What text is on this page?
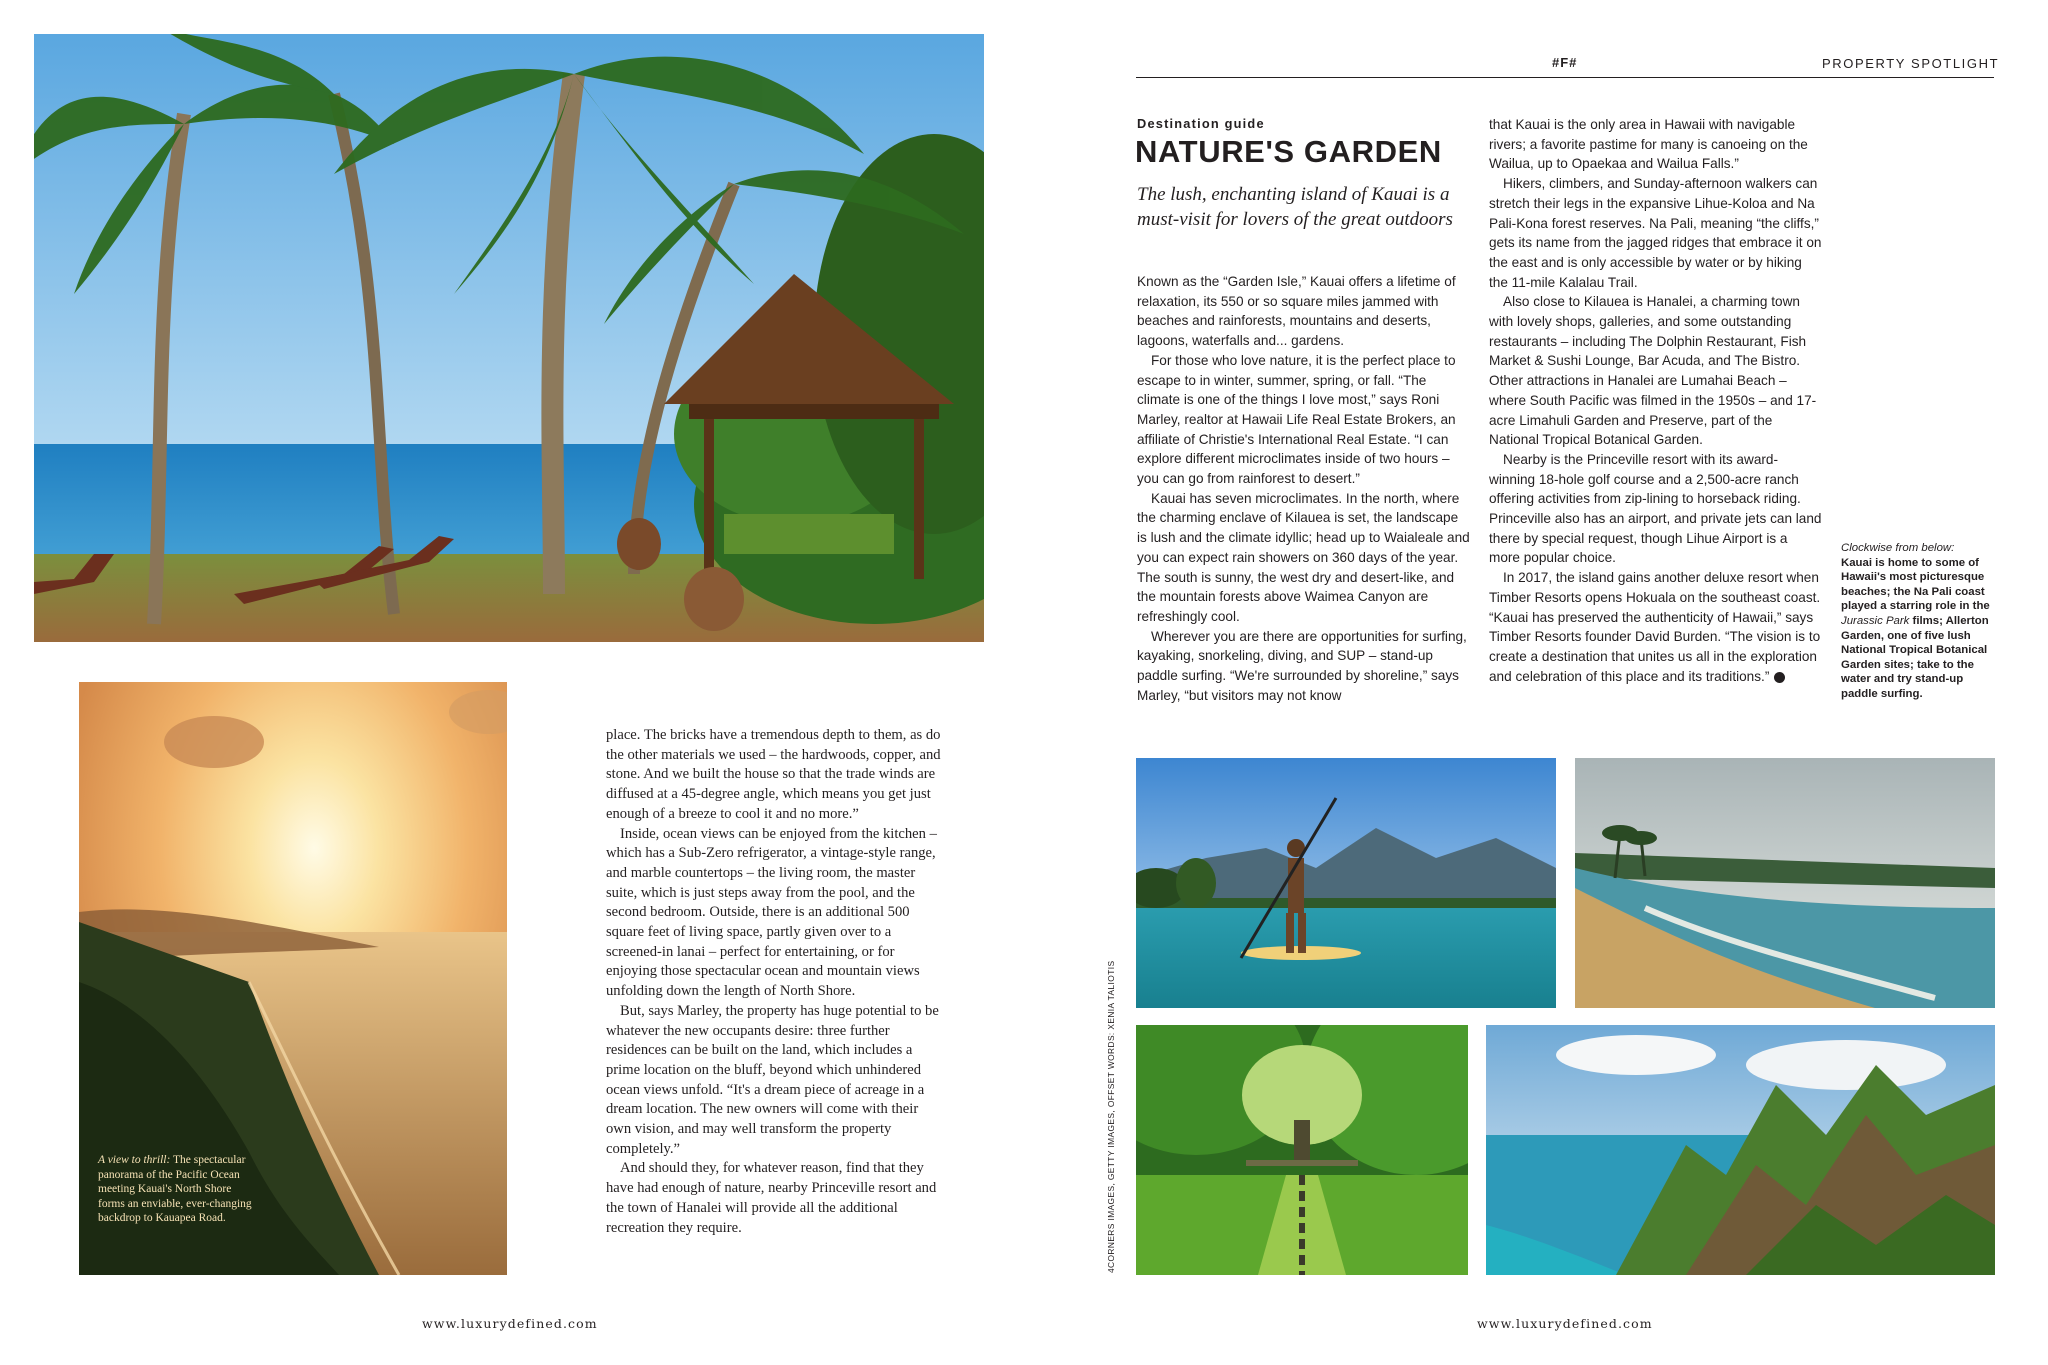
A view to thrill: The spectacular panorama of the Pacific Ocean meeting Kauai's North Shore forms an enviable, ever-changing backdrop to Kauapea Road.

place. The bricks have a tremendous depth to them, as do the other materials we used – the hardwoods, copper, and stone. And we built the house so that the trade winds are diffused at a 45-degree angle, which means you get just enough of a breeze to cool it and no more.”

Inside, ocean views can be enjoyed from the kitchen – which has a Sub-Zero refrigerator, a vintage-style range, and marble countertops – the living room, the master suite, which is just steps away from the pool, and the second bedroom. Outside, there is an additional 500 square feet of living space, partly given over to a screened-in lanai – perfect for entertaining, or for enjoying those spectacular ocean and mountain views unfolding down the length of North Shore.

But, says Marley, the property has huge potential to be whatever the new occupants desire: three further residences can be built on the land, which includes a prime location on the bluff, beyond which unhindered ocean views unfold. “It's a dream piece of acreage in a dream location. The new owners will come with their own vision, and may well transform the property completely.”

And should they, for whatever reason, find that they have had enough of nature, nearby Princeville resort and the town of Hanalei will provide all the additional recreation they require.

www.luxurydefined.com
#F#	PROPERTY SPOTLIGHT
Destination guide
NATURE'S GARDEN
The lush, enchanting island of Kauai is a must-visit for lovers of the great outdoors

Known as the “Garden Isle,” Kauai offers a lifetime of relaxation, its 550 or so square miles jammed with beaches and rainforests, mountains and deserts, lagoons, waterfalls and... gardens.

For those who love nature, it is the perfect place to escape to in winter, summer, spring, or fall. “The climate is one of the things I love most,” says Roni Marley, realtor at Hawaii Life Real Estate Brokers, an affiliate of Christie's International Real Estate. “I can explore different microclimates inside of two hours – you can go from rainforest to desert.”

Kauai has seven microclimates. In the north, where the charming enclave of Kilauea is set, the landscape is lush and the climate idyllic; head up to Waialeale and you can expect rain showers on 360 days of the year. The south is sunny, the west dry and desert-like, and the mountain forests above Waimea Canyon are refreshingly cool.

Wherever you are there are opportunities for surfing, kayaking, snorkeling, diving, and SUP – stand-up paddle surfing. “We're surrounded by shoreline,” says Marley, “but visitors may not know

that Kauai is the only area in Hawaii with navigable rivers; a favorite pastime for many is canoeing on the Wailua, up to Opaekaa and Wailua Falls.”

Hikers, climbers, and Sunday-afternoon walkers can stretch their legs in the expansive Lihue-Koloa and Na Pali-Kona forest reserves. Na Pali, meaning “the cliffs,” gets its name from the jagged ridges that embrace it on the east and is only accessible by water or by hiking the 11-mile Kalalau Trail.

Also close to Kilauea is Hanalei, a charming town with lovely shops, galleries, and some outstanding restaurants – including The Dolphin Restaurant, Fish Market & Sushi Lounge, Bar Acuda, and The Bistro. Other attractions in Hanalei are Lumahai Beach – where South Pacific was filmed in the 1950s – and 17-acre Limahuli Garden and Preserve, part of the National Tropical Botanical Garden.

Nearby is the Princeville resort with its award-winning 18-hole golf course and a 2,500-acre ranch offering activities from zip-lining to horseback riding. Princeville also has an airport, and private jets can land there by special request, though Lihue Airport is a more popular choice.

In 2017, the island gains another deluxe resort when Timber Resorts opens Hokuala on the southeast coast. “Kauai has preserved the authenticity of Hawaii,” says Timber Resorts founder David Burden. “The vision is to create a destination that unites us all in the exploration and celebration of this place and its traditions.”

Clockwise from below:
Kauai is home to some of Hawaii's most picturesque beaches; the Na Pali coast played a starring role in the Jurassic Park films; Allerton Garden, one of five lush National Tropical Botanical Garden sites; take to the water and try stand-up paddle surfing.
4CORNERS IMAGES, GETTY IMAGES, OFFSET WORDS: XENIA TALIOTIS
www.luxurydefined.com
